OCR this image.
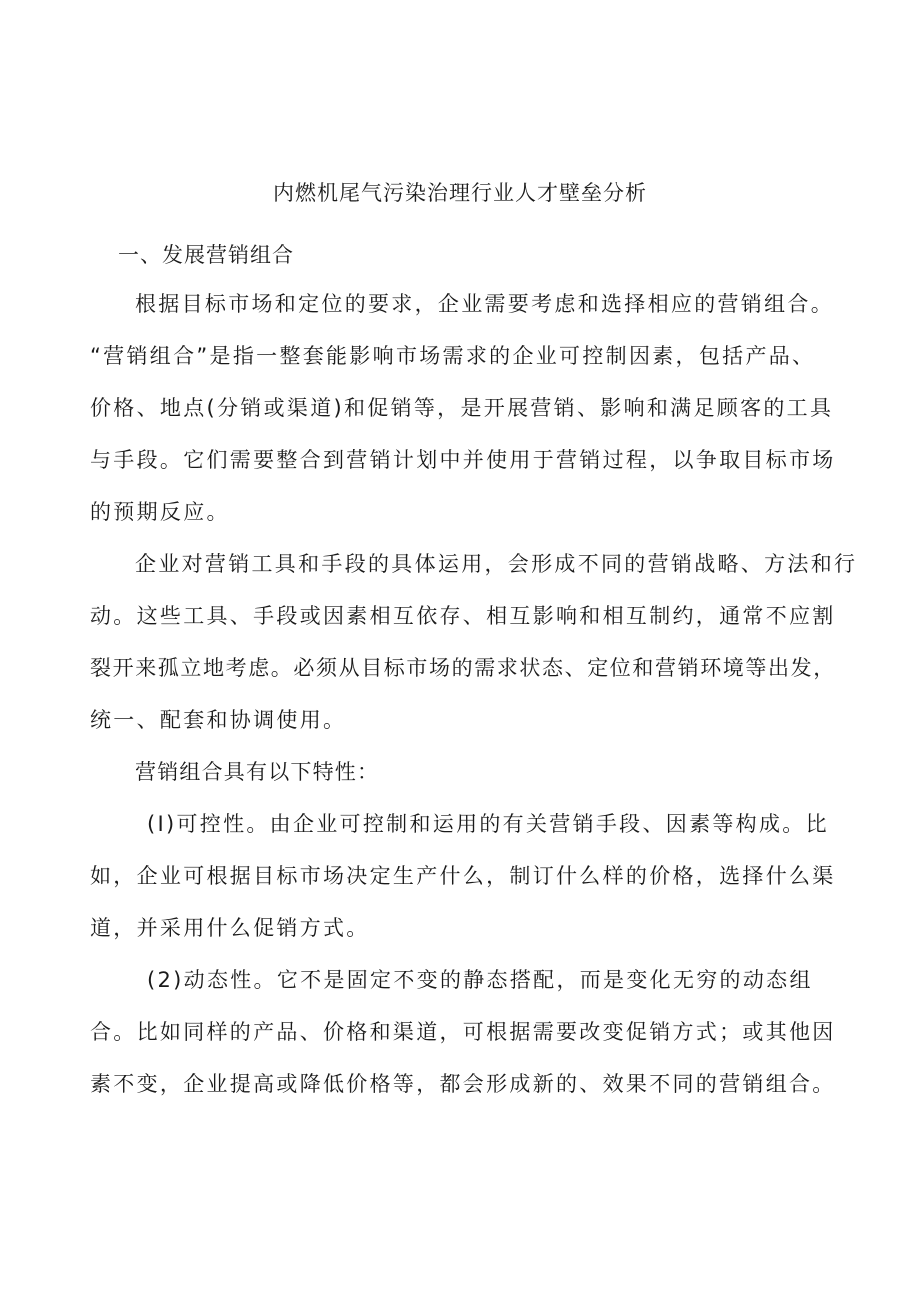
内燃机尾气污染治理行业人才壁垒分析
一、发展营销组合
根据目标市场和定位的要求，企业需要考虑和选择相应的营销组合。
“营销组合”是指一整套能影响市场需求的企业可控制因素，包括产品、
价格、地点(分销或渠道)和促销等，是开展营销、影响和满足顾客的工具
与手段。它们需要整合到营销计划中并使用于营销过程，以争取目标市场
的预期反应。
企业对营销工具和手段的具体运用，会形成不同的营销战略、方法和行
动。这些工具、手段或因素相互依存、相互影响和相互制约，通常不应割
裂开来孤立地考虑。必须从目标市场的需求状态、定位和营销环境等出发，
统一、配套和协调使用。
营销组合具有以下特性：
(I)可控性。由企业可控制和运用的有关营销手段、因素等构成。比
如，企业可根据目标市场决定生产什么，制订什么样的价格，选择什么渠
道，并采用什么促销方式。
(2)动态性。它不是固定不变的静态搭配，而是变化无穷的动态组
合。比如同样的产品、价格和渠道，可根据需要改变促销方式；或其他因
素不变，企业提高或降低价格等，都会形成新的、效果不同的营销组合。
